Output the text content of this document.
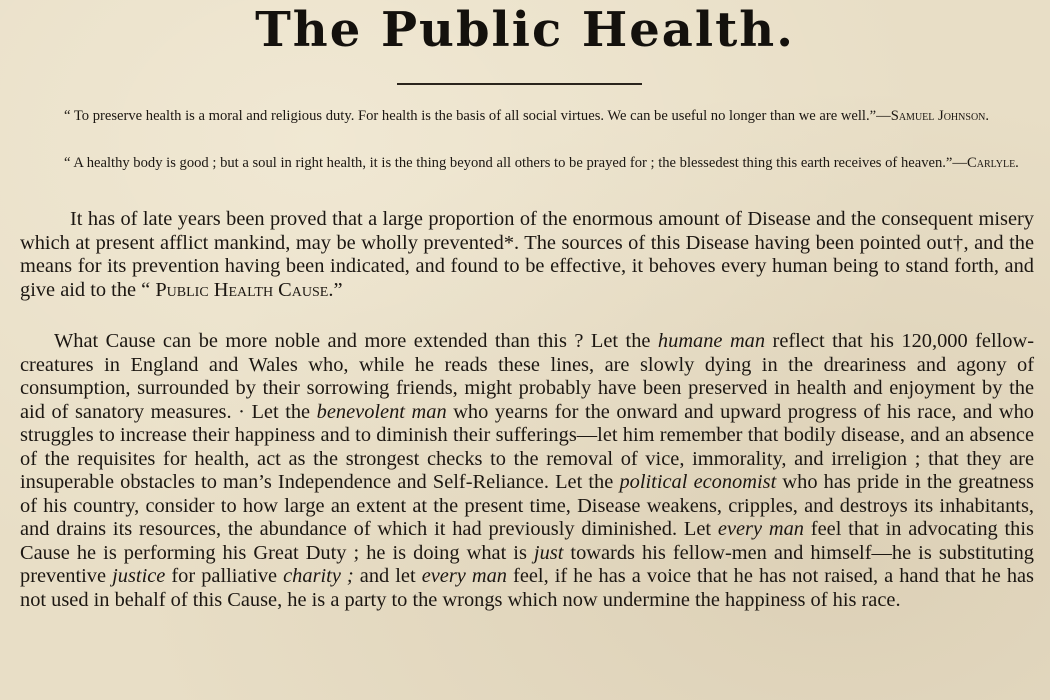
The Public Health.
“ To preserve health is a moral and religious duty. For health is the basis of all social virtues. We can be useful no longer than we are well.”—Samuel Johnson.
“ A healthy body is good ; but a soul in right health, it is the thing beyond all others to be prayed for ; the blessedest thing this earth receives of heaven.”—Carlyle.
It has of late years been proved that a large proportion of the enormous amount of Disease and the consequent misery which at present afflict mankind, may be wholly prevented*. The sources of this Disease having been pointed out†, and the means for its prevention having been indicated, and found to be effective, it behoves every human being to stand forth, and give aid to the “ Public Health Cause.”
What Cause can be more noble and more extended than this ? Let the humane man reflect that his 120,000 fellow-creatures in England and Wales who, while he reads these lines, are slowly dying in the dreariness and agony of consumption, surrounded by their sorrowing friends, might probably have been preserved in health and enjoyment by the aid of sanatory measures. · Let the benevolent man who yearns for the onward and upward progress of his race, and who struggles to increase their happiness and to diminish their sufferings—let him remember that bodily disease, and an absence of the requisites for health, act as the strongest checks to the removal of vice, immorality, and irreligion ; that they are insuperable obstacles to man’s Independence and Self-Reliance. Let the political economist who has pride in the greatness of his country, consider to how large an extent at the present time, Disease weakens, cripples, and destroys its inhabitants, and drains its resources, the abundance of which it had previously diminished. Let every man feel that in advocating this Cause he is performing his Great Duty ; he is doing what is just towards his fellow-men and himself—he is substituting preventive justice for palliative charity ; and let every man feel, if he has a voice that he has not raised, a hand that he has not used in behalf of this Cause, he is a party to the wrongs which now undermine the happiness of his race.
